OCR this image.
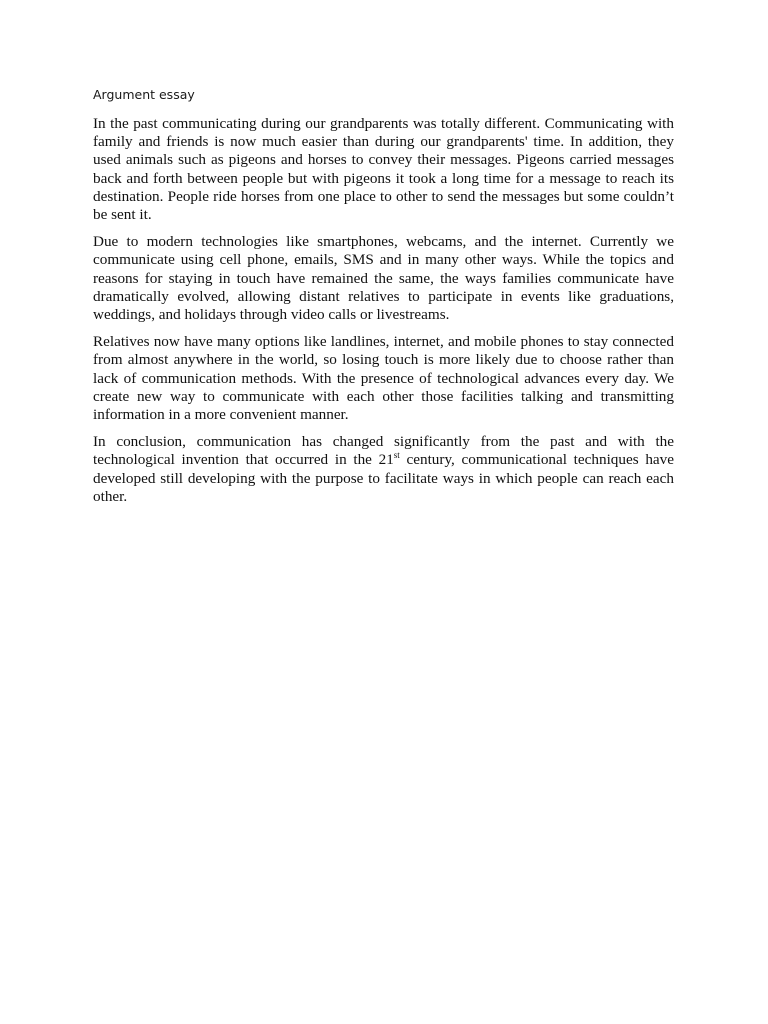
Argument essay

In the past communicating during our grandparents was totally different. Communicating with family and friends is now much easier than during our grandparents' time. In addition, they used animals such as pigeons and horses to convey their messages. Pigeons carried messages back and forth between people but with pigeons it took a long time for a message to reach its destination. People ride horses from one place to other to send the messages but some couldn’t be sent it.

Due to modern technologies like smartphones, webcams, and the internet. Currently we communicate using cell phone, emails, SMS and in many other ways. While the topics and reasons for staying in touch have remained the same, the ways families communicate have dramatically evolved, allowing distant relatives to participate in events like graduations, weddings, and holidays through video calls or livestreams.

Relatives now have many options like landlines, internet, and mobile phones to stay connected from almost anywhere in the world, so losing touch is more likely due to choose rather than lack of communication methods. With the presence of technological advances every day. We create new way to communicate with each other those facilities talking and transmitting information in a more convenient manner.

In conclusion, communication has changed significantly from the past and with the technological invention that occurred in the 21st century, communicational techniques have developed still developing with the purpose to facilitate ways in which people can reach each other.
